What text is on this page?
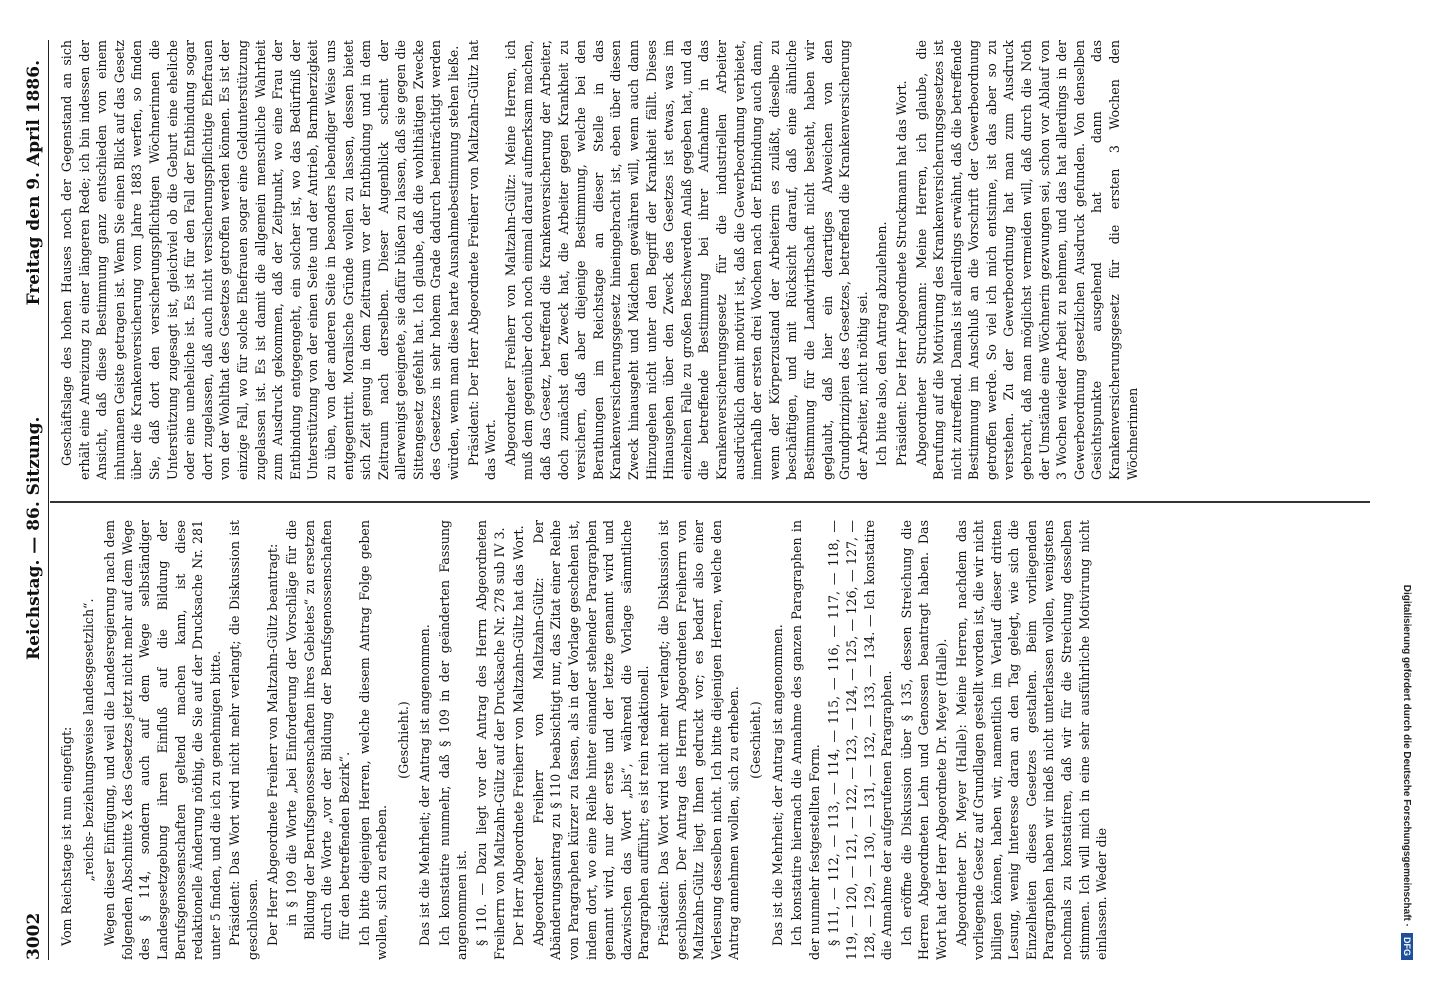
3002
Reichstag. — 86. Sitzung.
Freitag den 9. April 1886.

Vom Reichstage ist nun eingefügt: „reichs- beziehungsweise landesgesetzlich“. Wegen dieser Einfügung, und weil die Landesregierung nach dem folgenden Abschnitte X des Gesetzes jetzt nicht mehr auf dem Wege des § 114, sondern auch auf dem Wege selbständiger Landesgesetzgebung ihren Einfluß auf die Bildung der Berufsgenossenschaften geltend machen kann, ist diese redaktionelle Änderung nöthig, die Sie auf der Drucksache Nr. 281 unter 5 finden, und die ich zu genehmigen bitte. Präsident: Das Wort wird nicht mehr verlangt; die Diskussion ist geschlossen. Der Herr Abgeordnete Freiherr von Maltzahn-Gültz beantragt: in § 109 die Worte „bei Einforderung der Vorschläge für die Bildung der Berufsgenossenschaften ihres Gebietes“ zu ersetzen durch die Worte „vor der Bildung der Berufsgenossenschaften für den betreffenden Bezirk“. Ich bitte diejenigen Herren, welche diesem Antrag Folge geben wollen, sich zu erheben.

(Geschieht.) Das ist die Mehrheit; der Antrag ist angenommen. Ich konstatire nunmehr, daß § 109 in der geänderten Fassung angenommen ist. § 110. — Dazu liegt vor der Antrag des Herrn Abgeordneten Freiherrn von Maltzahn-Gültz auf der Drucksache Nr. 278 sub IV 3. Der Herr Abgeordnete Freiherr von Maltzahn-Gültz hat das Wort. Abgeordneter Freiherr von Maltzahn-Gültz: Der Abänderungsantrag zu § 110 beabsichtigt nur, das Zitat einer Reihe von Paragraphen kürzer zu fassen, als in der Vorlage geschehen ist, indem dort, wo eine Reihe hinter einander stehender Paragraphen genannt wird, nur der erste und der letzte genannt wird und dazwischen das Wort „bis“, während die Vorlage sämmtliche Paragraphen aufführt; es ist rein redaktionell. Präsident: Das Wort wird nicht mehr verlangt; die Diskussion ist geschlossen. Der Antrag des Herrn Abgeordneten Freiherrn von Maltzahn-Gültz liegt Ihnen gedruckt vor; es bedarf also einer Verlesung desselben nicht. Ich bitte diejenigen Herren, welche den Antrag annehmen wollen, sich zu erheben. (Geschieht.) Das ist die Mehrheit; der Antrag ist angenommen. Ich konstatire hiernach die Annahme des ganzen Paragraphen in der nunmehr festgestellten Form. § 111, — 112, — 113, — 114, — 115, — 116, — 117, — 118, — 119, — 120, — 121, — 122, — 123, — 124, — 125, — 126, — 127, — 128, — 129, — 130, — 131, — 132, — 133, — 134. — Ich konstatire die Annahme der aufgerufenen Paragraphen. Ich eröffne die Diskussion über § 135, dessen Streichung die Herren Abgeordneten Lehn und Genossen beantragt haben. Das Wort hat der Herr Abgeordnete Dr. Meyer (Halle). Abgeordneter Dr. Meyer (Halle): Meine Herren, nachdem das vorliegende Gesetz auf Grundlagen gestellt worden ist, die wir nicht billigen können, haben wir, namentlich im Verlauf dieser dritten Lesung, wenig Interesse daran an den Tag gelegt, wie sich die Einzelheiten dieses Gesetzes gestalten. Beim vorliegenden Paragraphen haben wir indeß nicht unterlassen wollen, wenigstens nochmals zu konstatiren, daß wir für die Streichung desselben stimmen. Ich will mich in eine sehr ausführliche Motivirung nicht einlassen. Weder die

Geschäftslage des hohen Hauses noch der Gegenstand an sich erhält eine Anreizung zu einer längeren Rede; ich bin indessen der Ansicht, daß diese Bestimmung ganz entschieden von einem inhumanen Geiste getragen ist. Wenn Sie einen Blick auf das Gesetz über die Krankenversicherung vom Jahre 1883 werfen, so finden Sie, daß dort den versicherungspflichtigen Wöchnerinnen die Unterstützung zugesagt ist, gleichviel ob die Geburt eine eheliche oder eine uneheliche ist. Es ist für den Fall der Entbindung sogar dort zugelassen, daß auch nicht versicherungspflichtige Ehefrauen von der Wohlthat des Gesetzes getroffen werden können. Es ist der einzige Fall, wo für solche Ehefrauen sogar eine Geldunterstützung zugelassen ist. Es ist damit die allgemein menschliche Wahrheit zum Ausdruck gekommen, daß der Zeitpunkt, wo eine Frau der Entbindung entgegengeht, ein solcher ist, wo das Bedürfniß der Unterstützung von der einen Seite und der Antrieb, Barmherzigkeit zu üben, von der anderen Seite in besonders lebendiger Weise uns entgegentritt. Moralische Gründe wollen zu lassen, dessen bietet sich Zeit genug in dem Zeitraum vor der Entbindung und in dem Zeitraum nach derselben. Dieser Augenblick scheint der allerwenigst geeignete, sie dafür büßen zu lassen, daß sie gegen die Sittengesetz gefehlt hat. Ich glaube, daß die wohlthätigen Zwecke des Gesetzes in sehr hohem Grade dadurch beeinträchtigt werden würden, wenn man diese harte Ausnahmebestimmung stehen ließe. Präsident: Der Herr Abgeordnete Freiherr von Maltzahn-Gültz hat das Wort. Abgeordneter Freiherr von Maltzahn-Gültz: Meine Herren, ich muß dem gegenüber doch noch einmal darauf aufmerksam machen, daß das Gesetz, betreffend die Krankenversicherung der Arbeiter, doch zunächst den Zweck hat, die Arbeiter gegen Krankheit zu versichern, daß aber diejenige Bestimmung, welche bei den Berathungen im Reichstage an dieser Stelle in das Krankenversicherungsgesetz hineingebracht ist, eben über diesen Zweck hinausgeht und Mädchen gewähren will, wenn auch dann Hinzugehen nicht unter den Begriff der Krankheit fällt. Dieses Hinausgehen über den Zweck des Gesetzes ist etwas, was im einzelnen Falle zu großen Beschwerden Anlaß gegeben hat, und da die betreffende Bestimmung bei ihrer Aufnahme in das Krankenversicherungsgesetz für die industriellen Arbeiter ausdrücklich damit motivirt ist, daß die Gewerbeordnung verbietet, innerhalb der ersten drei Wochen nach der Entbindung auch dann, wenn der Körperzustand der Arbeiterin es zuläßt, dieselbe zu beschäftigen, und mit Rücksicht darauf, daß eine ähnliche Bestimmung für die Landwirthschaft nicht besteht, haben wir geglaubt, daß hier ein derartiges Abweichen von den Grundprinzipien des Gesetzes, betreffend die Krankenversicherung der Arbeiter, nicht nöthig sei. Ich bitte also, den Antrag abzulehnen. Präsident: Der Herr Abgeordnete Struckmann hat das Wort. Abgeordneter Struckmann: Meine Herren, ich glaube, die Berufung auf die Motivirung des Krankenversicherungsgesetzes ist nicht zutreffend. Damals ist allerdings erwähnt, daß die betreffende Bestimmung im Anschluß an die Vorschrift der Gewerbeordnung getroffen werde. So viel ich mich entsinne, ist das aber so zu verstehen. Zu der Gewerbeordnung hat man zum Ausdruck gebracht, daß man möglichst vermeiden will, daß durch die Noth der Umstände eine Wöchnerin gezwungen sei, schon vor Ablauf von 3 Wochen wieder Arbeit zu nehmen, und das hat allerdings in der Gewerbeordnung gesetzlichen Ausdruck gefunden. Von denselben Gesichtspunkte ausgehend hat dann das Krankenversicherungsgesetz für die ersten 3 Wochen den Wöchnerinnen

Digitalisierung gefördert durch die Deutsche Forschungsgemeinschaft ·
DFG
